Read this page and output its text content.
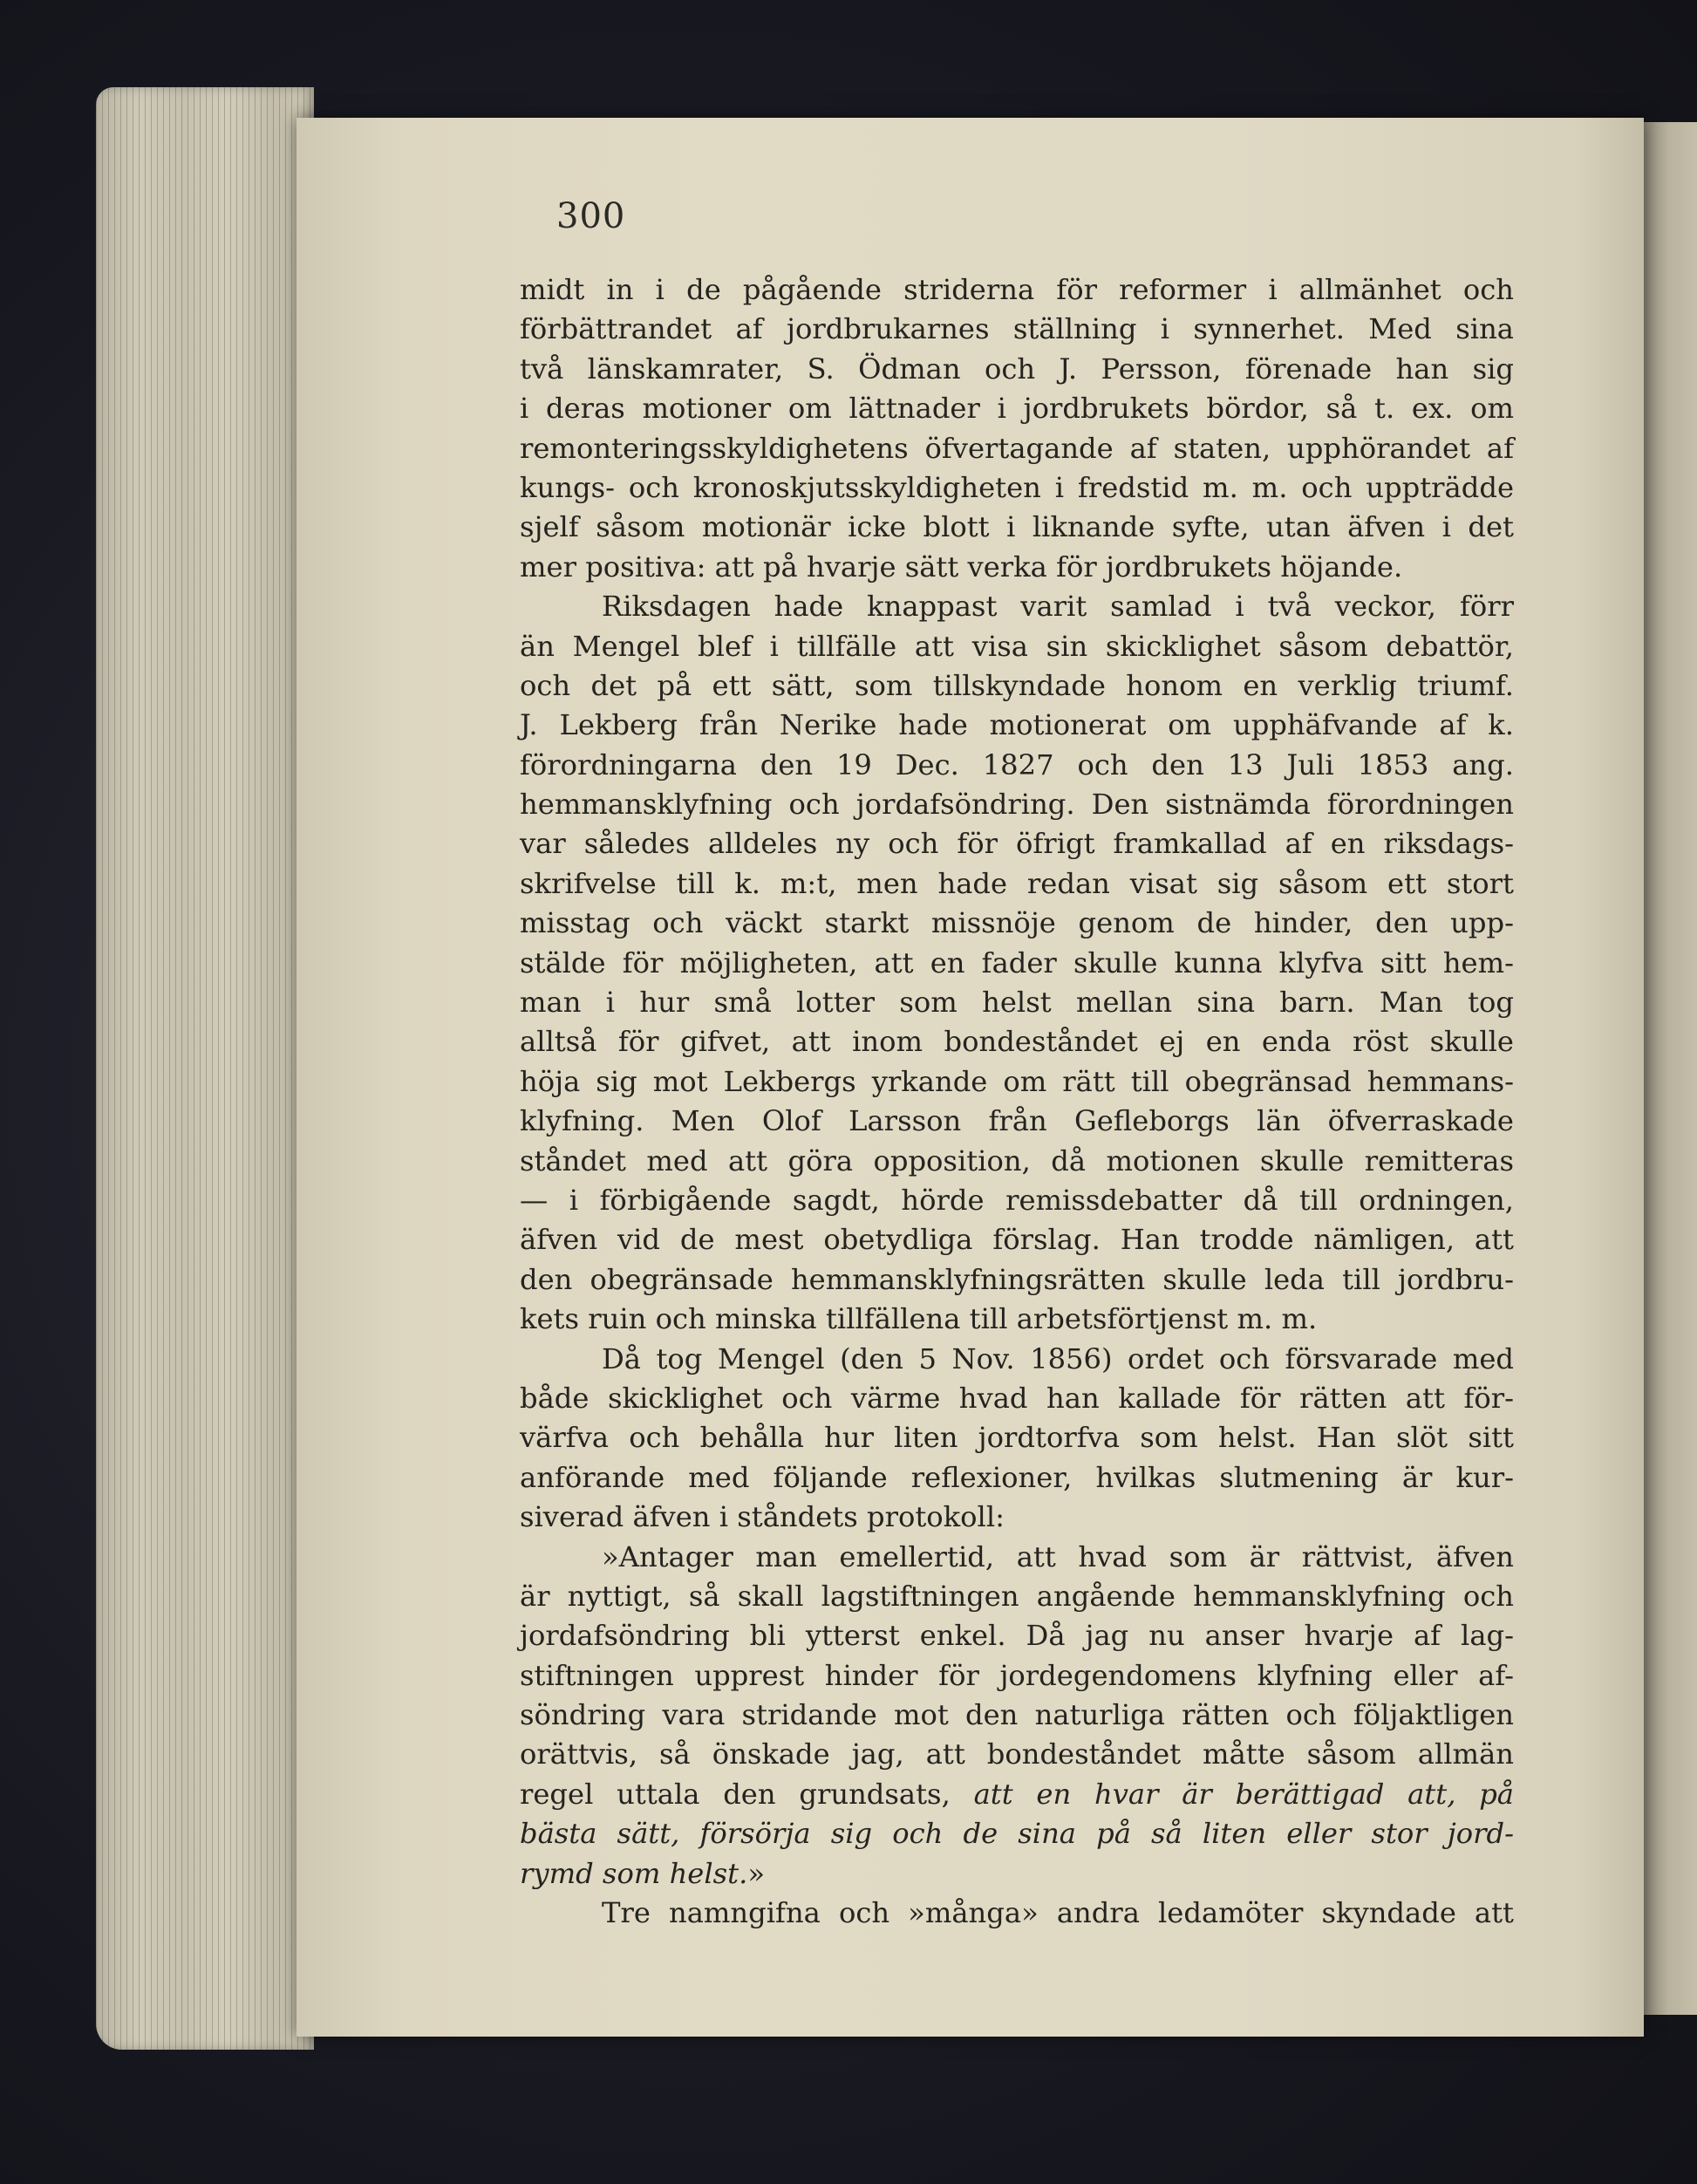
300
midt in i de pågående striderna för reformer i allmänhet och
förbättrandet af jordbrukarnes ställning i synnerhet. Med sina
två länskamrater, S. Ödman och J. Persson, förenade han sig
i deras motioner om lättnader i jordbrukets bördor, så t. ex. om
remonteringsskyldighetens öfvertagande af staten, upphörandet af
kungs- och kronoskjutsskyldigheten i fredstid m. m. och uppträdde
sjelf såsom motionär icke blott i liknande syfte, utan äfven i det
mer positiva: att på hvarje sätt verka för jordbrukets höjande.
Riksdagen hade knappast varit samlad i två veckor, förr
än Mengel blef i tillfälle att visa sin skicklighet såsom debattör,
och det på ett sätt, som tillskyndade honom en verklig triumf.
J. Lekberg från Nerike hade motionerat om upphäfvande af k.
förordningarna den 19 Dec. 1827 och den 13 Juli 1853 ang.
hemmansklyfning och jordafsöndring. Den sistnämda förordningen
var således alldeles ny och för öfrigt framkallad af en riksdags-
skrifvelse till k. m:t, men hade redan visat sig såsom ett stort
misstag och väckt starkt missnöje genom de hinder, den upp-
stälde för möjligheten, att en fader skulle kunna klyfva sitt hem-
man i hur små lotter som helst mellan sina barn. Man tog
alltså för gifvet, att inom bondeståndet ej en enda röst skulle
höja sig mot Lekbergs yrkande om rätt till obegränsad hemmans-
klyfning. Men Olof Larsson från Gefleborgs län öfverraskade
ståndet med att göra opposition, då motionen skulle remitteras
— i förbigående sagdt, hörde remissdebatter då till ordningen,
äfven vid de mest obetydliga förslag. Han trodde nämligen, att
den obegränsade hemmansklyfningsrätten skulle leda till jordbru-
kets ruin och minska tillfällena till arbetsförtjenst m. m.
Då tog Mengel (den 5 Nov. 1856) ordet och försvarade med
både skicklighet och värme hvad han kallade för rätten att för-
värfva och behålla hur liten jordtorfva som helst. Han slöt sitt
anförande med följande reflexioner, hvilkas slutmening är kur-
siverad äfven i ståndets protokoll:
»Antager man emellertid, att hvad som är rättvist, äfven
är nyttigt, så skall lagstiftningen angående hemmansklyfning och
jordafsöndring bli ytterst enkel. Då jag nu anser hvarje af lag-
stiftningen upprest hinder för jordegendomens klyfning eller af-
söndring vara stridande mot den naturliga rätten och följaktligen
orättvis, så önskade jag, att bondeståndet måtte såsom allmän
regel uttala den grundsats, att en hvar är berättigad att, på
bästa sätt, försörja sig och de sina på så liten eller stor jord-
rymd som helst.»
Tre namngifna och »många» andra ledamöter skyndade att
